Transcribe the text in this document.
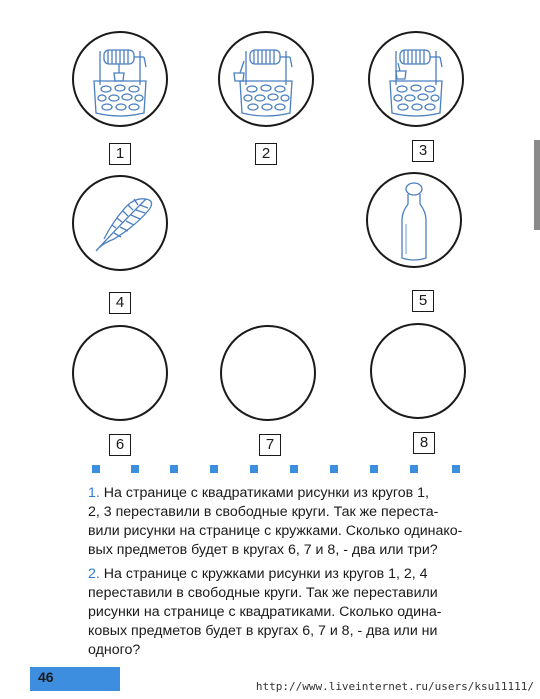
1	2	3
4	5
6	7	8
1. На странице с квадратиками рисунки из кругов 1,
2, 3 переставили в свободные круги. Так же переста-
вили рисунки на странице с кружками. Сколько одинако-
вых предметов будет в кругах 6, 7 и 8, - два или три?
2. На странице с кружками рисунки из кругов 1, 2, 4
переставили в свободные круги. Так же переставили
рисунки на странице с квадратиками. Сколько одина-
ковых предметов будет в кругах 6, 7 и 8, - два или ни
одного?
46
http://www.liveinternet.ru/users/ksu11111/
